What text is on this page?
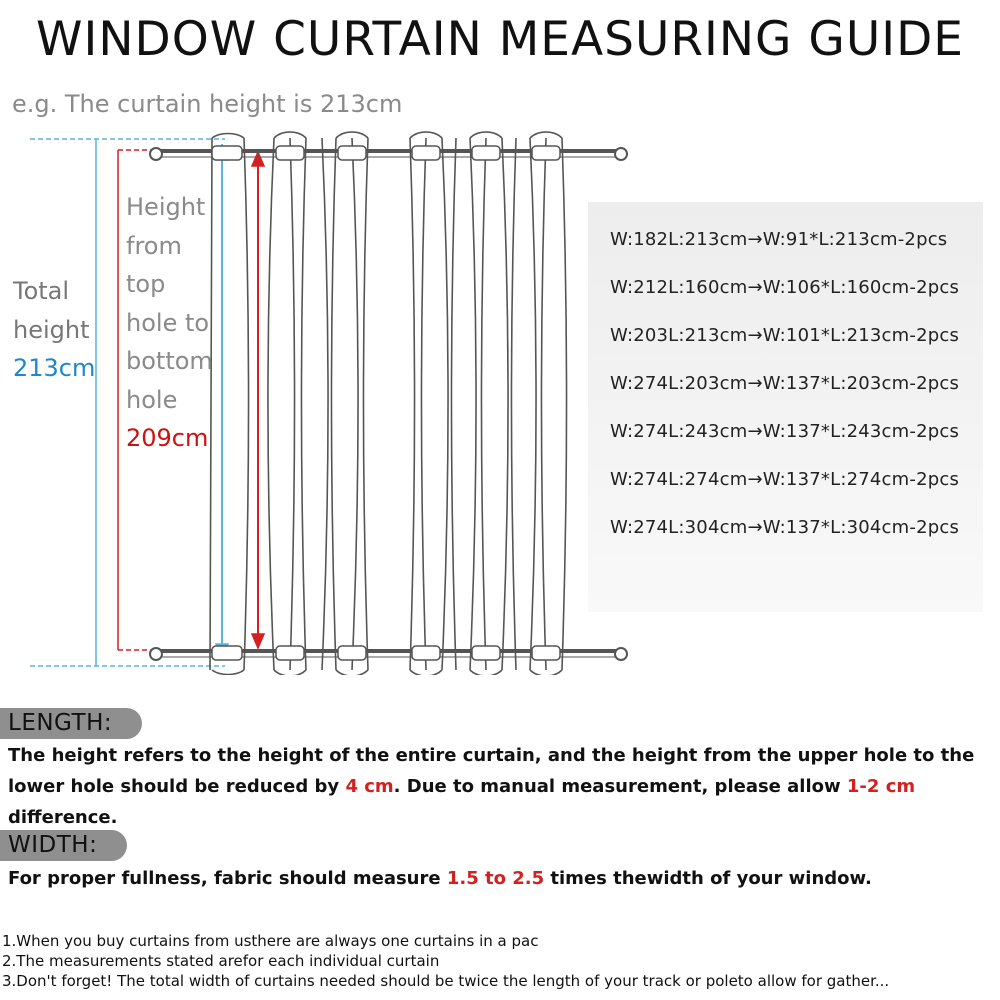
WINDOW CURTAIN MEASURING GUIDE
e.g. The curtain height is 213cm
Total
height
213cm
Height
from
top
hole to
bottom
hole
209cm
W:182L:213cm→W:91*L:213cm-2pcs
W:212L:160cm→W:106*L:160cm-2pcs
W:203L:213cm→W:101*L:213cm-2pcs
W:274L:203cm→W:137*L:203cm-2pcs
W:274L:243cm→W:137*L:243cm-2pcs
W:274L:274cm→W:137*L:274cm-2pcs
W:274L:304cm→W:137*L:304cm-2pcs
LENGTH:
The height refers to the height of the entire curtain, and the height from the upper hole to the lower hole should be reduced by 4 cm. Due to manual measurement, please allow 1-2 cm difference.
WIDTH:
For proper fullness, fabric should measure 1.5 to 2.5 times thewidth of your window.
1.When you buy curtains from usthere are always one curtains in a pac
2.The measurements stated arefor each individual curtain
3.Don't forget! The total width of curtains needed should be twice the length of your track or poleto allow for gather...
